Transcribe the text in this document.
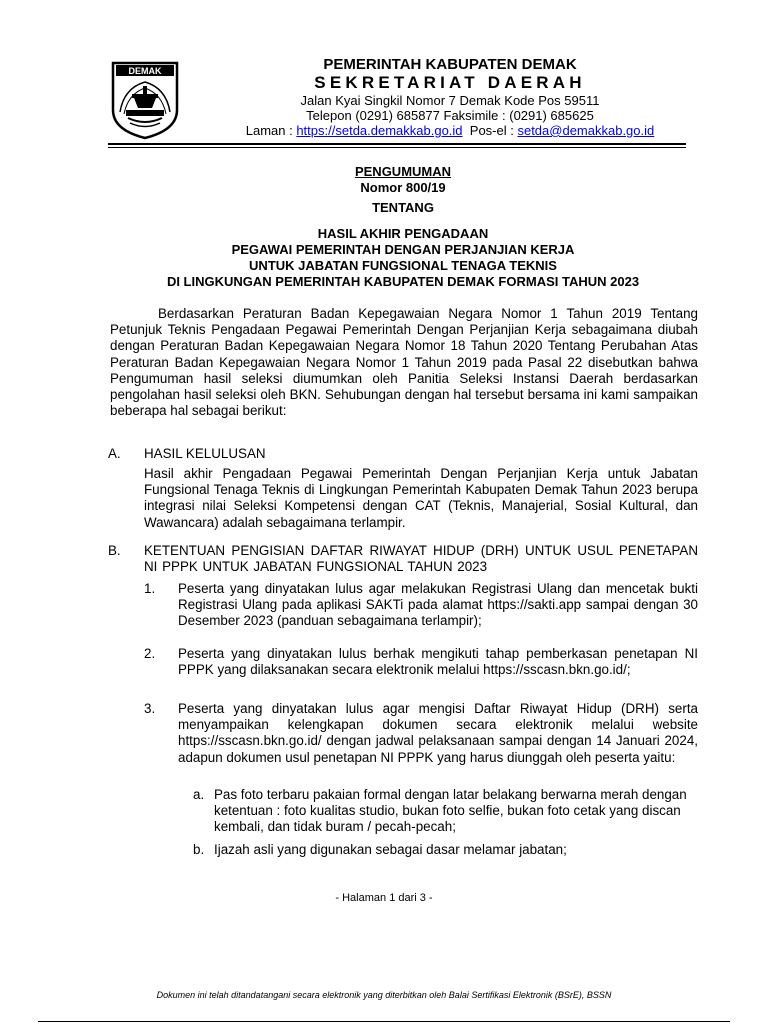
DEMAK	PEMERINTAH KABUPATEN DEMAK
SEKRETARIAT DAERAH
Jalan Kyai Singkil Nomor 7 Demak Kode Pos 59511
Telepon (0291) 685877 Faksimile : (0291) 685625
Laman : https://setda.demakkab.go.id  Pos-el : setda@demakkab.go.id
PENGUMUMAN
Nomor 800/19
TENTANG
HASIL AKHIR PENGADAAN
PEGAWAI PEMERINTAH DENGAN PERJANJIAN KERJA
UNTUK JABATAN FUNGSIONAL TENAGA TEKNIS
DI LINGKUNGAN PEMERINTAH KABUPATEN DEMAK FORMASI TAHUN 2023
Berdasarkan Peraturan Badan Kepegawaian Negara Nomor 1 Tahun 2019 Tentang Petunjuk Teknis Pengadaan Pegawai Pemerintah Dengan Perjanjian Kerja sebagaimana diubah dengan Peraturan Badan Kepegawaian Negara Nomor 18 Tahun 2020 Tentang Perubahan Atas Peraturan Badan Kepegawaian Negara Nomor 1 Tahun 2019 pada Pasal 22 disebutkan bahwa Pengumuman hasil seleksi diumumkan oleh Panitia Seleksi Instansi Daerah berdasarkan pengolahan hasil seleksi oleh BKN. Sehubungan dengan hal tersebut bersama ini kami sampaikan beberapa hal sebagai berikut:
A. HASIL KELULUSAN
Hasil akhir Pengadaan Pegawai Pemerintah Dengan Perjanjian Kerja untuk Jabatan Fungsional Tenaga Teknis di Lingkungan Pemerintah Kabupaten Demak Tahun 2023 berupa integrasi nilai Seleksi Kompetensi dengan CAT (Teknis, Manajerial, Sosial Kultural, dan Wawancara) adalah sebagaimana terlampir.
B. KETENTUAN PENGISIAN DAFTAR RIWAYAT HIDUP (DRH) UNTUK USUL PENETAPAN NI PPPK UNTUK JABATAN FUNGSIONAL TAHUN 2023
1. Peserta yang dinyatakan lulus agar melakukan Registrasi Ulang dan mencetak bukti Registrasi Ulang pada aplikasi SAKTi pada alamat https://sakti.app sampai dengan 30 Desember 2023 (panduan sebagaimana terlampir);
2. Peserta yang dinyatakan lulus berhak mengikuti tahap pemberkasan penetapan NI PPPK yang dilaksanakan secara elektronik melalui https://sscasn.bkn.go.id/;
3. Peserta yang dinyatakan lulus agar mengisi Daftar Riwayat Hidup (DRH) serta menyampaikan kelengkapan dokumen secara elektronik melalui website https://sscasn.bkn.go.id/ dengan jadwal pelaksanaan sampai dengan 14 Januari 2024, adapun dokumen usul penetapan NI PPPK yang harus diunggah oleh peserta yaitu:
a. Pas foto terbaru pakaian formal dengan latar belakang berwarna merah dengan ketentuan : foto kualitas studio, bukan foto selfie, bukan foto cetak yang discan kembali, dan tidak buram / pecah-pecah;
b. Ijazah asli yang digunakan sebagai dasar melamar jabatan;
- Halaman 1 dari 3 -
Dokumen ini telah ditandatangani secara elektronik yang diterbitkan oleh Balai Sertifikasi Elektronik (BSrE), BSSN
